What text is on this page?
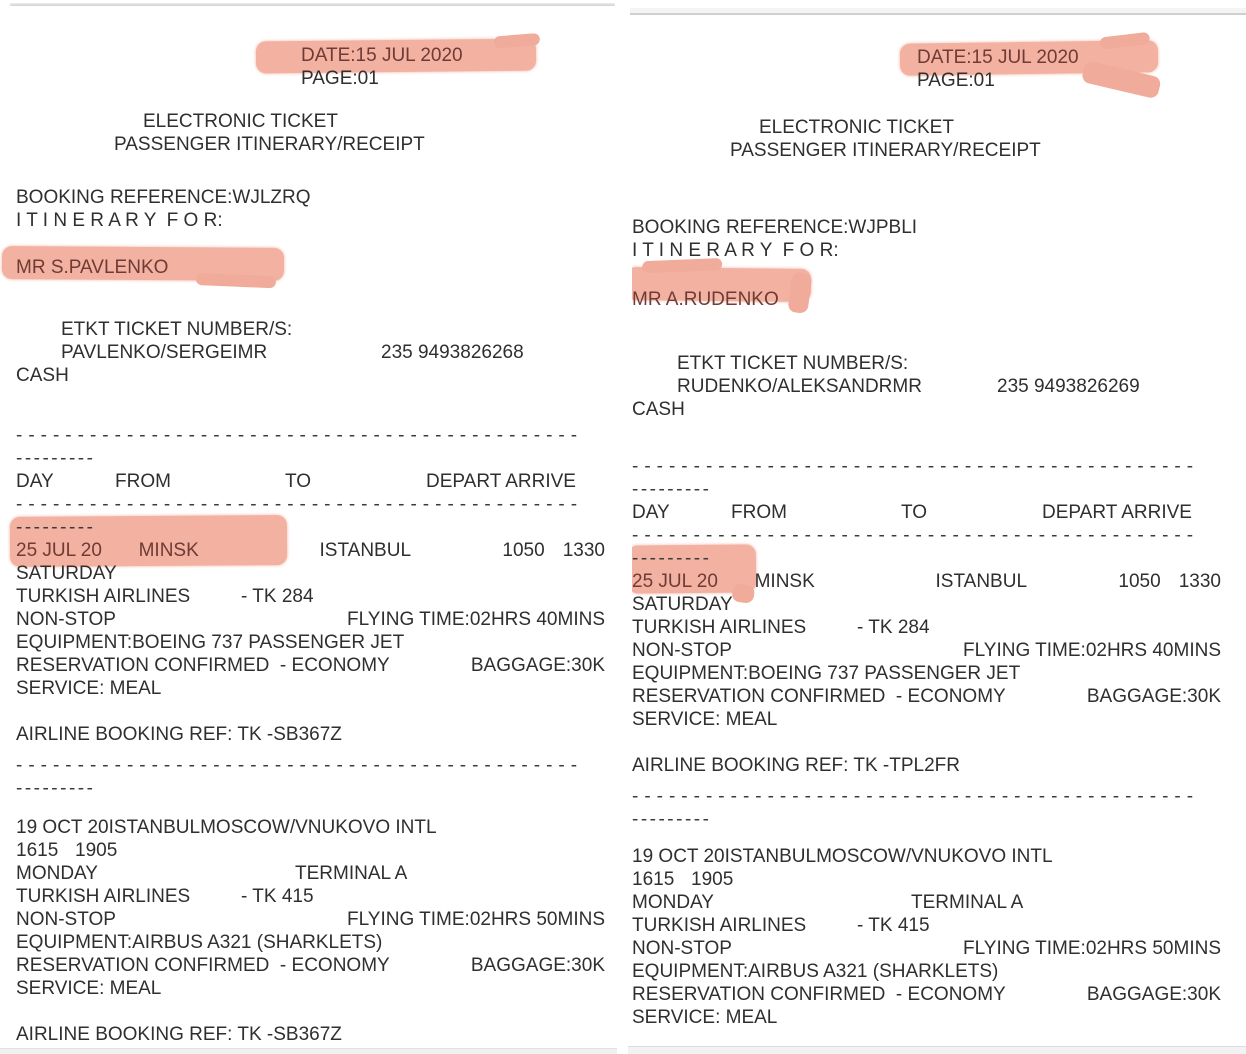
DATE:15 JUL 2020
PAGE:01
ELECTRONIC TICKET
PASSENGER ITINERARY/RECEIPT
BOOKING REFERENCE:WJLZRQ
I T I N E R A R Y  F O R:
MR S.PAVLENKO
ETKT TICKET NUMBER/S:
PAVLENKO/SERGEIMR	235 9493826268
CASH
----------------------------------------------
---------
DAY	FROM	TO	DEPART ARRIVE
----------------------------------------------
---------
25 JUL 20	MINSK	ISTANBUL	1050 1330
SATURDAY
TURKISH AIRLINES	- TK 284
NON-STOP	FLYING TIME:02HRS 40MINS
EQUIPMENT:BOEING 737 PASSENGER JET
RESERVATION CONFIRMED  - ECONOMY	BAGGAGE:30K
SERVICE: MEAL
AIRLINE BOOKING REF: TK -SB367Z
----------------------------------------------
---------
19 OCT 20 ISTANBUL MOSCOW/VNUKOVO INTL
1615 1905
MONDAY	TERMINAL A
TURKISH AIRLINES	- TK 415
NON-STOP	FLYING TIME:02HRS 50MINS
EQUIPMENT:AIRBUS A321 (SHARKLETS)
RESERVATION CONFIRMED  - ECONOMY	BAGGAGE:30K
SERVICE: MEAL
AIRLINE BOOKING REF: TK -SB367Z
DATE:15 JUL 2020
PAGE:01
ELECTRONIC TICKET
PASSENGER ITINERARY/RECEIPT
BOOKING REFERENCE:WJPBLI
I T I N E R A R Y  F O R:
MR A.RUDENKO
ETKT TICKET NUMBER/S:
RUDENKO/ALEKSANDRMR	235 9493826269
CASH
----------------------------------------------
---------
DAY	FROM	TO	DEPART ARRIVE
----------------------------------------------
---------
25 JUL 20	MINSK	ISTANBUL	1050 1330
SATURDAY
TURKISH AIRLINES	- TK 284
NON-STOP	FLYING TIME:02HRS 40MINS
EQUIPMENT:BOEING 737 PASSENGER JET
RESERVATION CONFIRMED  - ECONOMY	BAGGAGE:30K
SERVICE: MEAL
AIRLINE BOOKING REF: TK -TPL2FR
----------------------------------------------
---------
19 OCT 20 ISTANBUL MOSCOW/VNUKOVO INTL
1615 1905
MONDAY	TERMINAL A
TURKISH AIRLINES	- TK 415
NON-STOP	FLYING TIME:02HRS 50MINS
EQUIPMENT:AIRBUS A321 (SHARKLETS)
RESERVATION CONFIRMED  - ECONOMY	BAGGAGE:30K
SERVICE: MEAL
